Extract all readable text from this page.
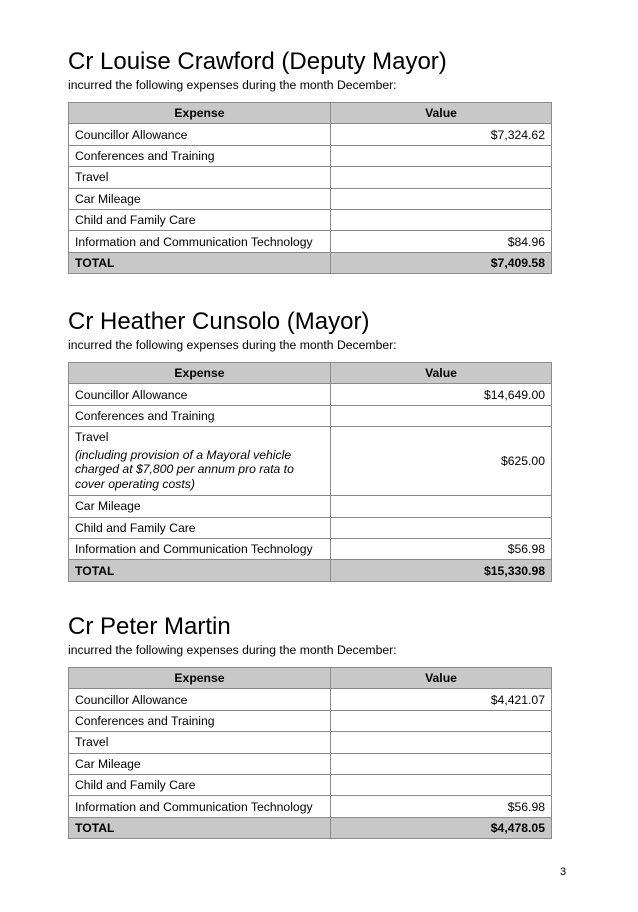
Cr Louise Crawford (Deputy Mayor)
incurred the following expenses during the month December:
Expense	Value
Councillor Allowance	$7,324.62
Conferences and Training	
Travel	
Car Mileage	
Child and Family Care	
Information and Communication Technology	$84.96
TOTAL	$7,409.58
Cr Heather Cunsolo (Mayor)
incurred the following expenses during the month December:
Expense	Value
Councillor Allowance	$14,649.00
Conferences and Training	
Travel
(including provision of a Mayoral vehicle charged at $7,800 per annum pro rata to cover operating costs)	$625.00
Car Mileage	
Child and Family Care	
Information and Communication Technology	$56.98
TOTAL	$15,330.98
Cr Peter Martin
incurred the following expenses during the month December:
Expense	Value
Councillor Allowance	$4,421.07
Conferences and Training	
Travel	
Car Mileage	
Child and Family Care	
Information and Communication Technology	$56.98
TOTAL	$4,478.05
3
